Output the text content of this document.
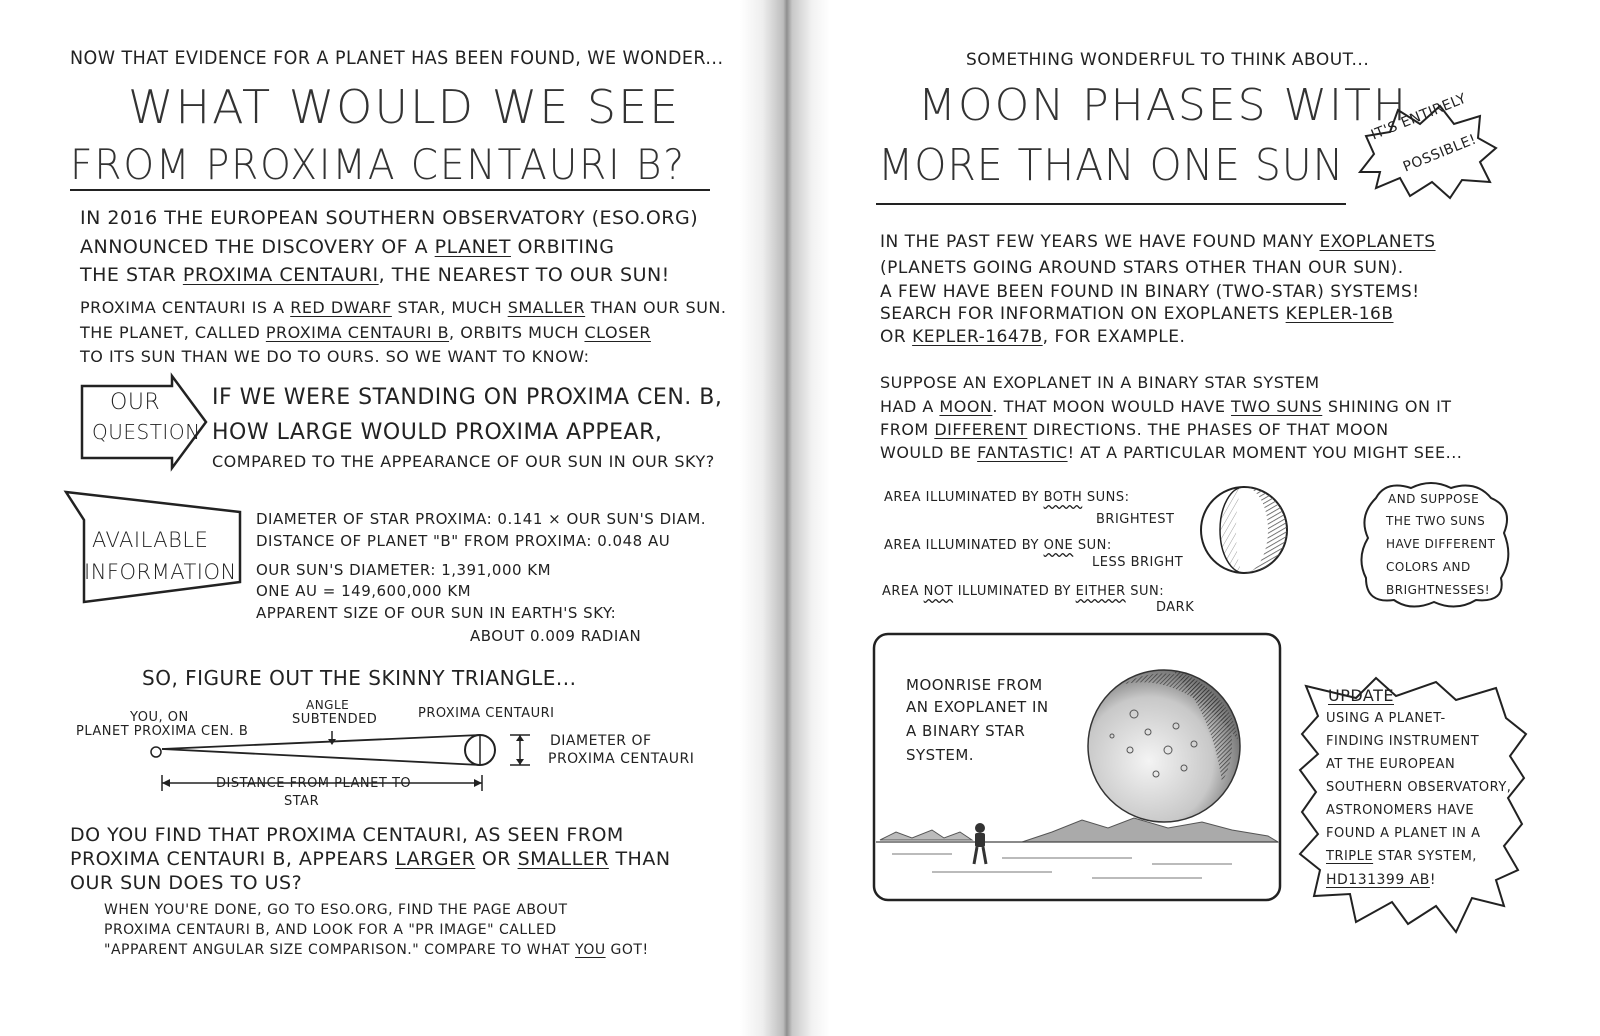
NOW THAT EVIDENCE FOR A PLANET HAS BEEN FOUND, WE WONDER...
WHAT WOULD WE SEE
FROM PROXIMA CENTAURI B?
IN 2016 THE EUROPEAN SOUTHERN OBSERVATORY (ESO.ORG)
ANNOUNCED THE DISCOVERY OF A PLANET ORBITING
THE STAR PROXIMA CENTAURI, THE NEAREST TO OUR SUN!
PROXIMA CENTAURI IS A RED DWARF STAR, MUCH SMALLER THAN OUR SUN.
THE PLANET, CALLED PROXIMA CENTAURI B, ORBITS MUCH CLOSER
TO ITS SUN THAN WE DO TO OURS. SO WE WANT TO KNOW:
OUR
QUESTION
IF WE WERE STANDING ON PROXIMA CEN. B,
HOW LARGE WOULD PROXIMA APPEAR,
COMPARED TO THE APPEARANCE OF OUR SUN IN OUR SKY?
AVAILABLE
INFORMATION
DIAMETER OF STAR PROXIMA: 0.141 × OUR SUN'S DIAM.
DISTANCE OF PLANET "B" FROM PROXIMA: 0.048 AU
OUR SUN'S DIAMETER: 1,391,000 KM
ONE AU = 149,600,000 KM
APPARENT SIZE OF OUR SUN IN EARTH'S SKY:
ABOUT 0.009 RADIAN
SO, FIGURE OUT THE SKINNY TRIANGLE...
YOU, ON
PLANET PROXIMA CEN. B
ANGLE
SUBTENDED	PROXIMA CENTAURI
DIAMETER OF
PROXIMA CENTAURI
DISTANCE FROM PLANET TO
STAR
DO YOU FIND THAT PROXIMA CENTAURI, AS SEEN FROM
PROXIMA CENTAURI B, APPEARS LARGER OR SMALLER THAN
OUR SUN DOES TO US?
WHEN YOU'RE DONE, GO TO ESO.ORG, FIND THE PAGE ABOUT
PROXIMA CENTAURI B, AND LOOK FOR A "PR IMAGE" CALLED
"APPARENT ANGULAR SIZE COMPARISON." COMPARE TO WHAT YOU GOT!
SOMETHING WONDERFUL TO THINK ABOUT...
MOON PHASES WITH
MORE THAN ONE SUN
IT'S ENTIRELY
POSSIBLE!
IN THE PAST FEW YEARS WE HAVE FOUND MANY EXOPLANETS
(PLANETS GOING AROUND STARS OTHER THAN OUR SUN).
A FEW HAVE BEEN FOUND IN BINARY (TWO-STAR) SYSTEMS!
SEARCH FOR INFORMATION ON EXOPLANETS KEPLER-16B
OR KEPLER-1647B, FOR EXAMPLE.
SUPPOSE AN EXOPLANET IN A BINARY STAR SYSTEM
HAD A MOON. THAT MOON WOULD HAVE TWO SUNS SHINING ON IT
FROM DIFFERENT DIRECTIONS. THE PHASES OF THAT MOON
WOULD BE FANTASTIC! AT A PARTICULAR MOMENT YOU MIGHT SEE...
AREA ILLUMINATED BY BOTH SUNS:
BRIGHTEST
AREA ILLUMINATED BY ONE SUN:
LESS BRIGHT
AREA NOT ILLUMINATED BY EITHER SUN:
DARK
AND SUPPOSE
THE TWO SUNS
HAVE DIFFERENT
COLORS AND
BRIGHTNESSES!
MOONRISE FROM
AN EXOPLANET IN
A BINARY STAR
SYSTEM.
UPDATE
USING A PLANET-
FINDING INSTRUMENT
AT THE EUROPEAN
SOUTHERN OBSERVATORY,
ASTRONOMERS HAVE
FOUND A PLANET IN A
TRIPLE STAR SYSTEM,
HD131399 AB!
